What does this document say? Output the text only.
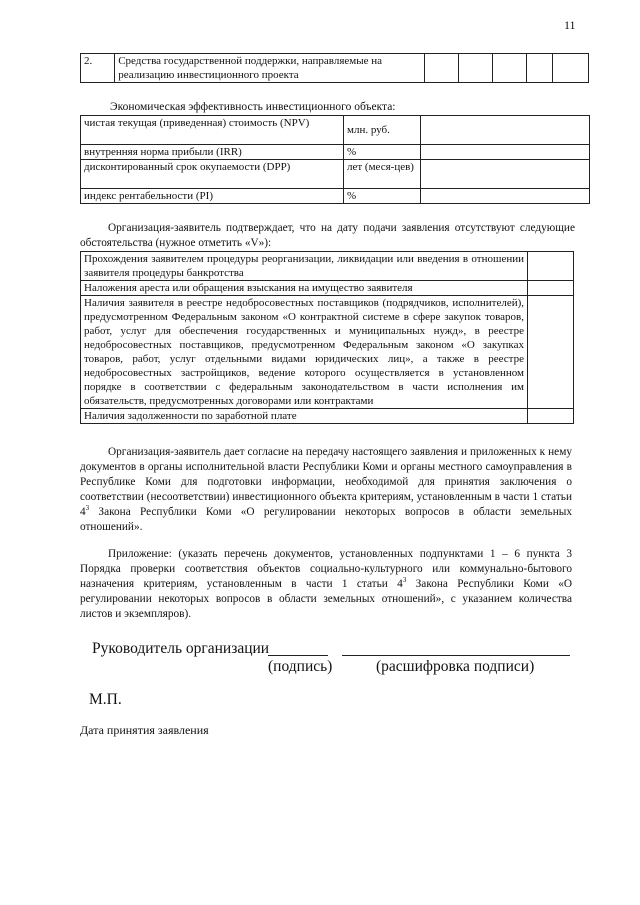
11
2.	Средства государственной поддержки, направляемые на реализацию инвестиционного проекта					
Экономическая эффективность инвестиционного объекта:
чистая текущая (приведенная) стоимость (NPV)	млн. руб.	
внутренняя норма прибыли (IRR)	%	
дисконтированный срок окупаемости (DPP)	лет (меся-цев)	
индекс рентабельности (PI)	%	
Организация-заявитель подтверждает, что на дату подачи заявления отсутствуют следующие обстоятельства (нужное отметить «V»):
Прохождения заявителем процедуры реорганизации, ликвидации или введения в отношении заявителя процедуры банкротства	
Наложения ареста или обращения взыскания на имущество заявителя	
Наличия заявителя в реестре недобросовестных поставщиков (подрядчиков, исполнителей), предусмотренном Федеральным законом «О контрактной системе в сфере закупок товаров, работ, услуг для обеспечения государственных и муниципальных нужд», в реестре недобросовестных поставщиков, предусмотренном Федеральным законом «О закупках товаров, работ, услуг отдельными видами юридических лиц», а также в реестре недобросовестных застройщиков, ведение которого осуществляется в установленном порядке в соответствии с федеральным законодательством в части исполнения им обязательств, предусмотренных договорами или контрактами	
Наличия задолженности по заработной плате	
Организация-заявитель дает согласие на передачу настоящего заявления и приложенных к нему документов в органы исполнительной власти Республики Коми и органы местного самоуправления в Республике Коми для подготовки информации, необходимой для принятия заключения о соответствии (несоответствии) инвестиционного объекта критериям, установленным в части 1 статьи $4^3$ Закона Республики Коми «О регулировании некоторых вопросов в области земельных отношений».
Приложение: (указать перечень документов, установленных подпунктами 1 – 6 пункта 3 Порядка проверки соответствия объектов социально-культурного или коммунально-бытового назначения критериям, установленным в части 1 статьи $4^3$ Закона Республики Коми «О регулировании некоторых вопросов в области земельных отношений», с указанием количества листов и экземпляров).
Руководитель организации
(подпись)	(расшифровка подписи)
М.П.
Дата принятия заявления
